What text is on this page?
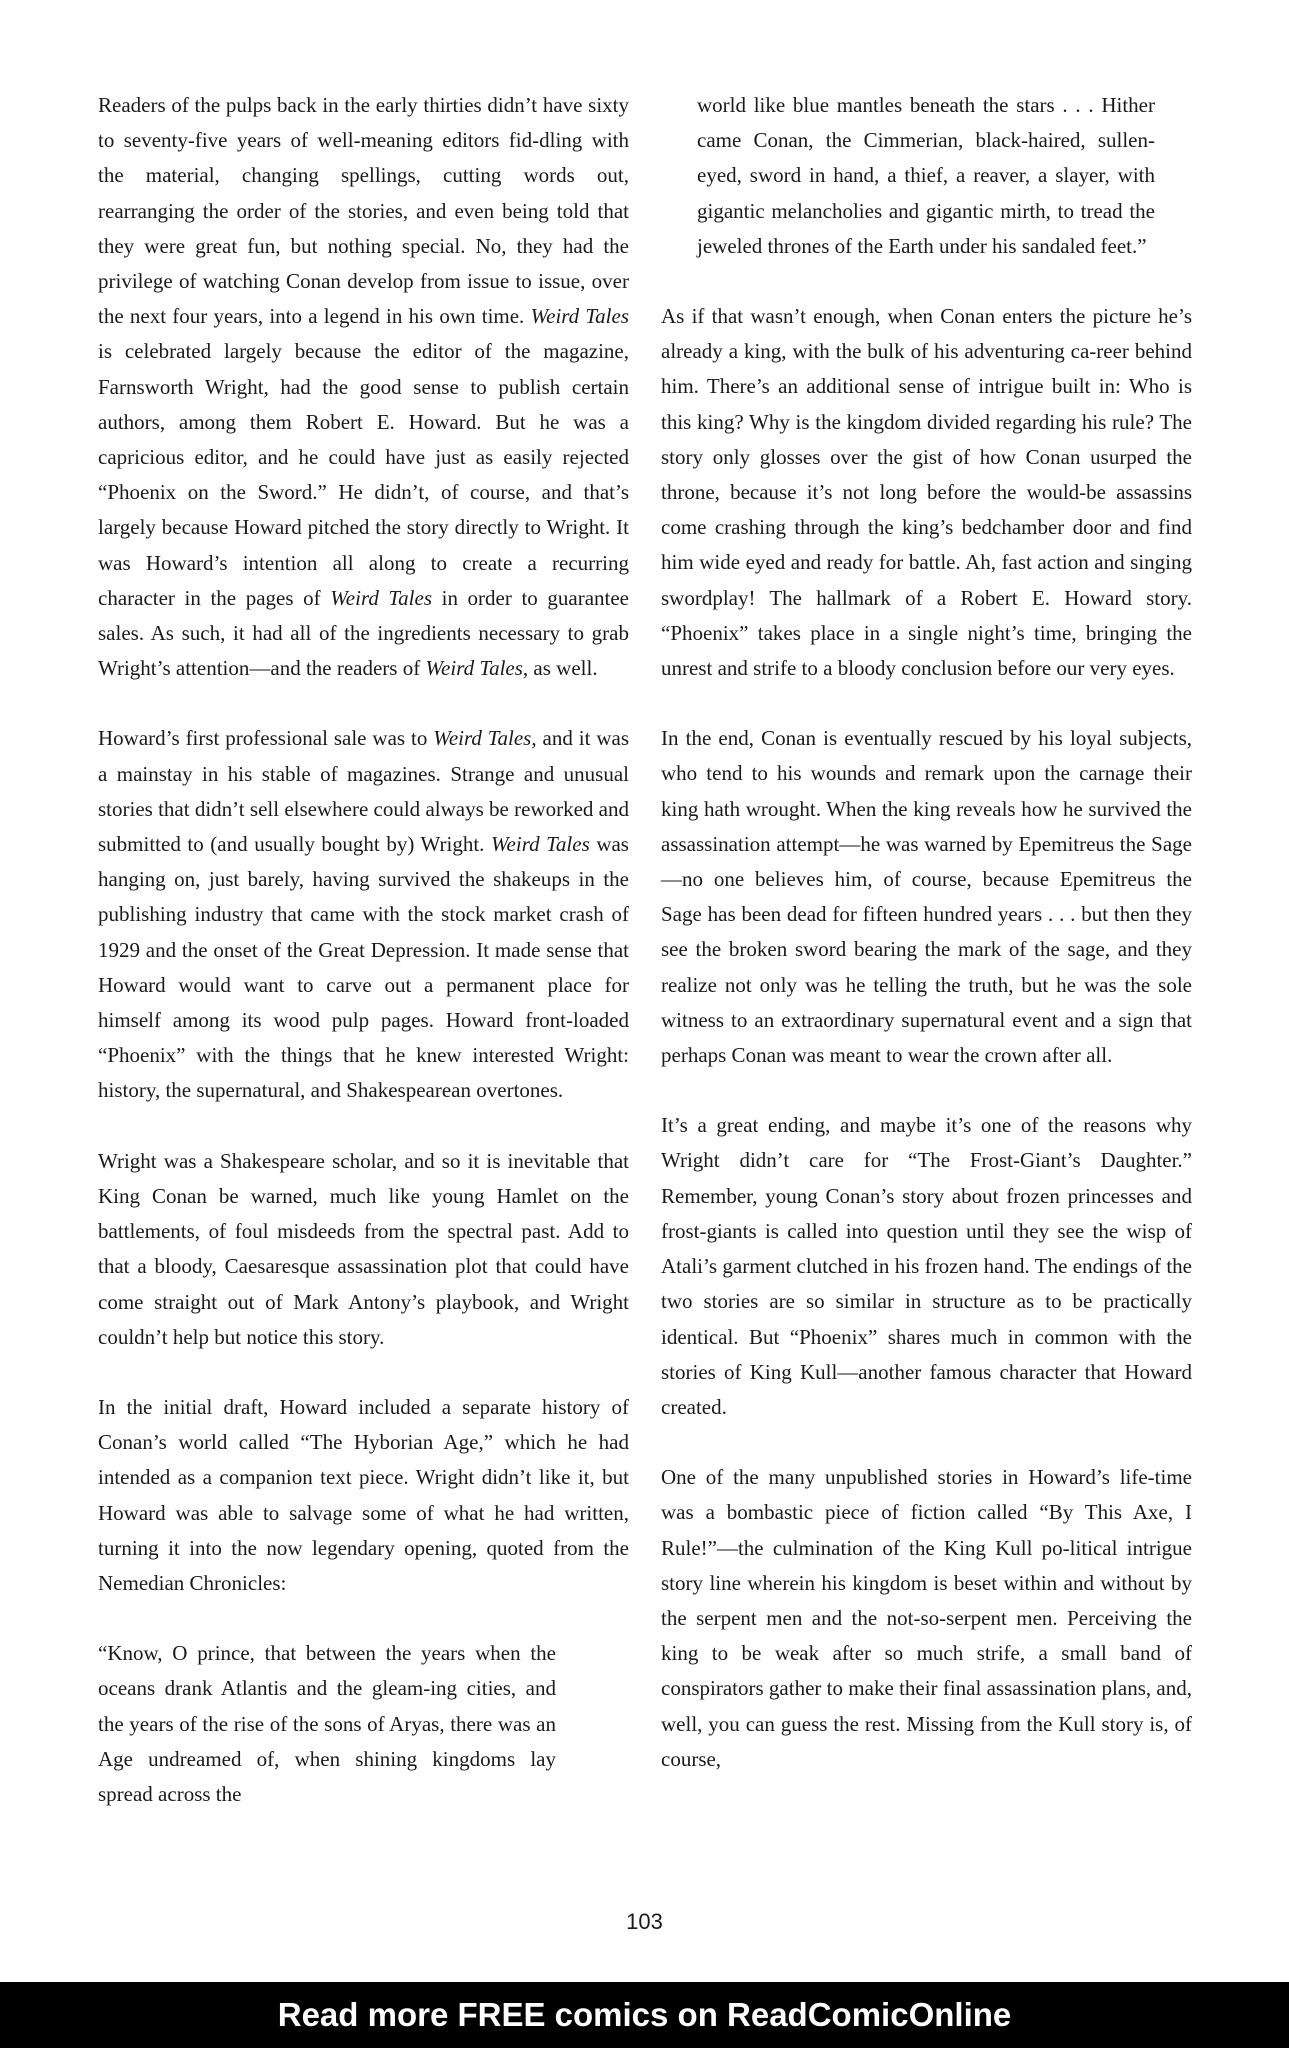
Readers of the pulps back in the early thirties didn’t have sixty to seventy-five years of well-meaning editors fid-dling with the material, changing spellings, cutting words out, rearranging the order of the stories, and even being told that they were great fun, but nothing special. No, they had the privilege of watching Conan develop from issue to issue, over the next four years, into a legend in his own time. Weird Tales is celebrated largely because the editor of the magazine, Farnsworth Wright, had the good sense to publish certain authors, among them Robert E. Howard. But he was a capricious editor, and he could have just as easily rejected “Phoenix on the Sword.” He didn’t, of course, and that’s largely because Howard pitched the story directly to Wright. It was Howard’s intention all along to create a recurring character in the pages of Weird Tales in order to guarantee sales. As such, it had all of the ingredients necessary to grab Wright’s attention—and the readers of Weird Tales, as well.

Howard’s first professional sale was to Weird Tales, and it was a mainstay in his stable of magazines. Strange and unusual stories that didn’t sell elsewhere could always be reworked and submitted to (and usually bought by) Wright. Weird Tales was hanging on, just barely, having survived the shakeups in the publishing industry that came with the stock market crash of 1929 and the onset of the Great Depression. It made sense that Howard would want to carve out a permanent place for himself among its wood pulp pages. Howard front-loaded “Phoenix” with the things that he knew interested Wright: history, the supernatural, and Shakespearean overtones.

Wright was a Shakespeare scholar, and so it is inevitable that King Conan be warned, much like young Hamlet on the battlements, of foul misdeeds from the spectral past. Add to that a bloody, Caesaresque assassination plot that could have come straight out of Mark Antony’s playbook, and Wright couldn’t help but notice this story.

In the initial draft, Howard included a separate history of Conan’s world called “The Hyborian Age,” which he had intended as a companion text piece. Wright didn’t like it, but Howard was able to salvage some of what he had written, turning it into the now legendary opening, quoted from the Nemedian Chronicles:

“Know, O prince, that between the years when the oceans drank Atlantis and the gleam-ing cities, and the years of the rise of the sons of Aryas, there was an Age undreamed of, when shining kingdoms lay spread across the

world like blue mantles beneath the stars . . . Hither came Conan, the Cimmerian, black-haired, sullen-eyed, sword in hand, a thief, a reaver, a slayer, with gigantic melancholies and gigantic mirth, to tread the jeweled thrones of the Earth under his sandaled feet.”

As if that wasn’t enough, when Conan enters the picture he’s already a king, with the bulk of his adventuring ca-reer behind him. There’s an additional sense of intrigue built in: Who is this king? Why is the kingdom divided regarding his rule? The story only glosses over the gist of how Conan usurped the throne, because it’s not long before the would-be assassins come crashing through the king’s bedchamber door and find him wide eyed and ready for battle. Ah, fast action and singing swordplay! The hallmark of a Robert E. Howard story. “Phoenix” takes place in a single night’s time, bringing the unrest and strife to a bloody conclusion before our very eyes.

In the end, Conan is eventually rescued by his loyal subjects, who tend to his wounds and remark upon the carnage their king hath wrought. When the king reveals how he survived the assassination attempt—he was warned by Epemitreus the Sage—no one believes him, of course, because Epemitreus the Sage has been dead for fifteen hundred years . . . but then they see the broken sword bearing the mark of the sage, and they realize not only was he telling the truth, but he was the sole witness to an extraordinary supernatural event and a sign that perhaps Conan was meant to wear the crown after all.

It’s a great ending, and maybe it’s one of the reasons why Wright didn’t care for “The Frost-Giant’s Daughter.” Remember, young Conan’s story about frozen princesses and frost-giants is called into question until they see the wisp of Atali’s garment clutched in his frozen hand. The endings of the two stories are so similar in structure as to be practically identical. But “Phoenix” shares much in common with the stories of King Kull—another famous character that Howard created.

One of the many unpublished stories in Howard’s life-time was a bombastic piece of fiction called “By This Axe, I Rule!”—the culmination of the King Kull po-litical intrigue story line wherein his kingdom is beset within and without by the serpent men and the not-so-serpent men. Perceiving the king to be weak after so much strife, a small band of conspirators gather to make their final assassination plans, and, well, you can guess the rest. Missing from the Kull story is, of course,

103
Read more FREE comics on ReadComicOnline
